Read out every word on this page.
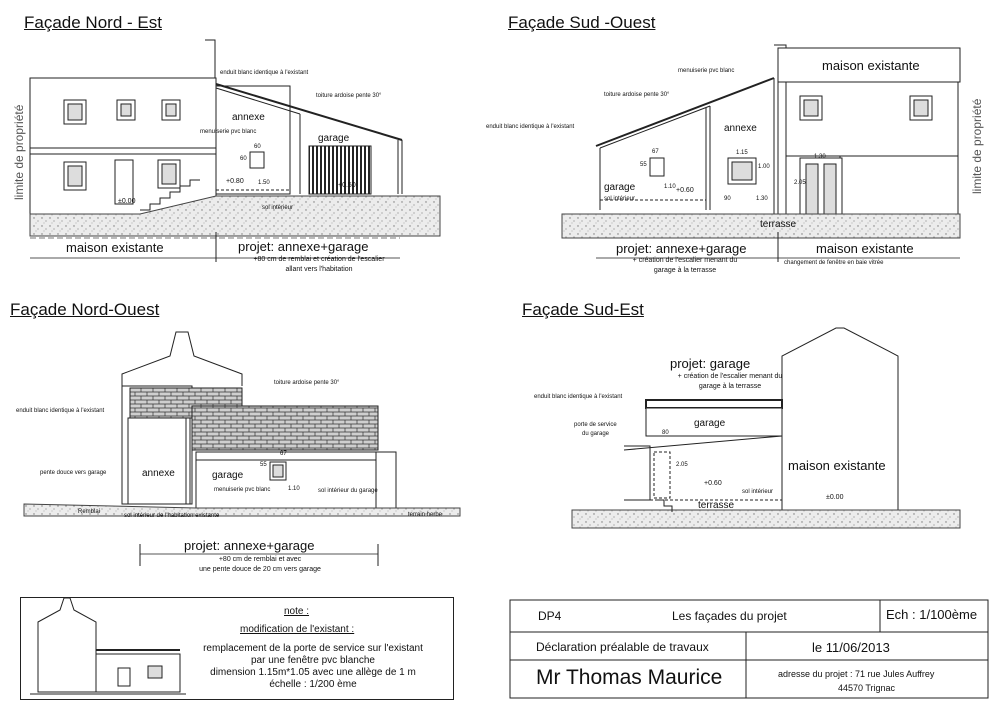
Façade Nord - Est
limite de propriété
maison existante	projet: annexe+garage
+80 cm de remblai et création de l'escalier
allant vers l'habitation
enduit blanc identique à l'existant
toiture ardoise pente 30°
annexe
garage
menuiserie pvc blanc
60
60
1.50
+0.80
±0.00
sol intérieur
+0.50
Façade Sud -Ouest
limite de propriété
maison existante
maison existante
projet: annexe+garage
+ création de l'escalier menant du
garage à la terrasse
changement de fenêtre en baie vitrée
menuiserie pvc blanc
toiture ardoise pente 30°
enduit blanc identique à l'existant	annexe
garage
67
55
1.10
1.15
1.00
1.30
2.05
1.30
90
+0.60
sol intérieur
terrasse
Façade Nord-Ouest
toiture ardoise pente 30°
enduit blanc identique à l'existant
pente douce vers garage	annexe	garage
menuiserie pvc blanc
55
67
1.10	sol intérieur du garage
Remblai
sol intérieur de l'habitation existante	terrain herbe
projet: annexe+garage
+80 cm de remblai et avec
une pente douce de 20 cm vers garage
Façade Sud-Est
projet: garage
+ création de l'escalier menant du
garage à la terrasse
enduit blanc identique à l'existant
porte de service
du garage	80
garage
2.05	maison existante
+0.60
sol intérieur
terrasse
±0.00
note :
modification de l'existant :
remplacement de la porte de service sur l'existant
par une fenêtre pvc blanche
dimension 1.15m*1.05 avec une allège de 1 m
échelle : 1/200 ème
DP4	Les façades du projet	Ech : 1/100ème
Déclaration préalable de travaux	le 11/06/2013
Mr Thomas Maurice	adresse du projet : 71 rue Jules Auffrey
44570 Trignac
